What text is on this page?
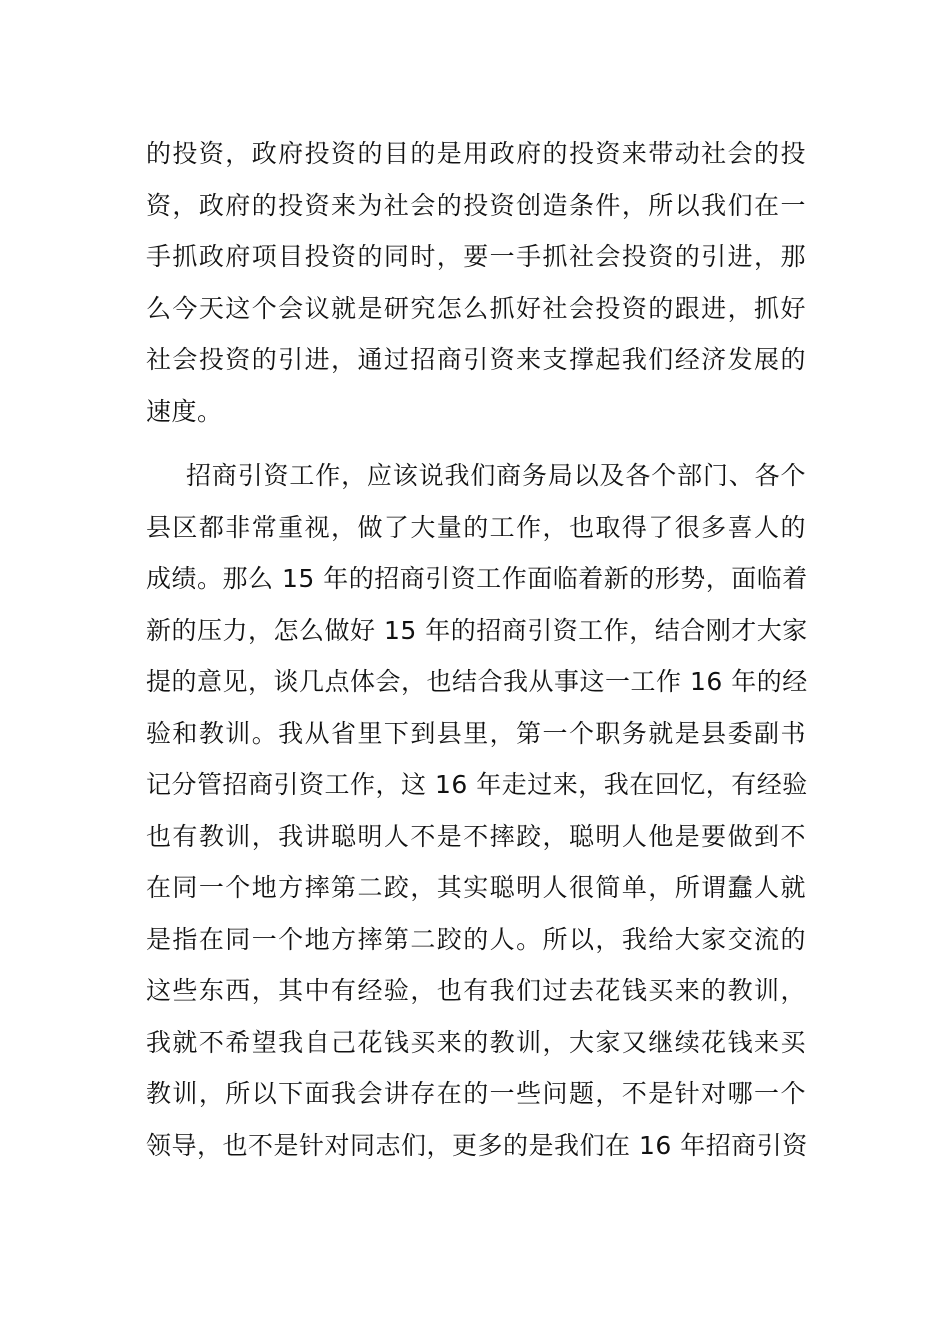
的投资，政府投资的目的是用政府的投资来带动社会的投
资，政府的投资来为社会的投资创造条件，所以我们在一
手抓政府项目投资的同时，要一手抓社会投资的引进，那
么今天这个会议就是研究怎么抓好社会投资的跟进，抓好
社会投资的引进，通过招商引资来支撑起我们经济发展的
速度。
招商引资工作，应该说我们商务局以及各个部门、各个
县区都非常重视，做了大量的工作，也取得了很多喜人的
成绩。那么 15 年的招商引资工作面临着新的形势，面临着
新的压力，怎么做好 15 年的招商引资工作，结合刚才大家
提的意见，谈几点体会，也结合我从事这一工作 16 年的经
验和教训。我从省里下到县里，第一个职务就是县委副书
记分管招商引资工作，这 16 年走过来，我在回忆，有经验
也有教训，我讲聪明人不是不摔跤，聪明人他是要做到不
在同一个地方摔第二跤，其实聪明人很简单，所谓蠢人就
是指在同一个地方摔第二跤的人。所以，我给大家交流的
这些东西，其中有经验，也有我们过去花钱买来的教训，
我就不希望我自己花钱买来的教训，大家又继续花钱来买
教训，所以下面我会讲存在的一些问题，不是针对哪一个
领导，也不是针对同志们，更多的是我们在 16 年招商引资
